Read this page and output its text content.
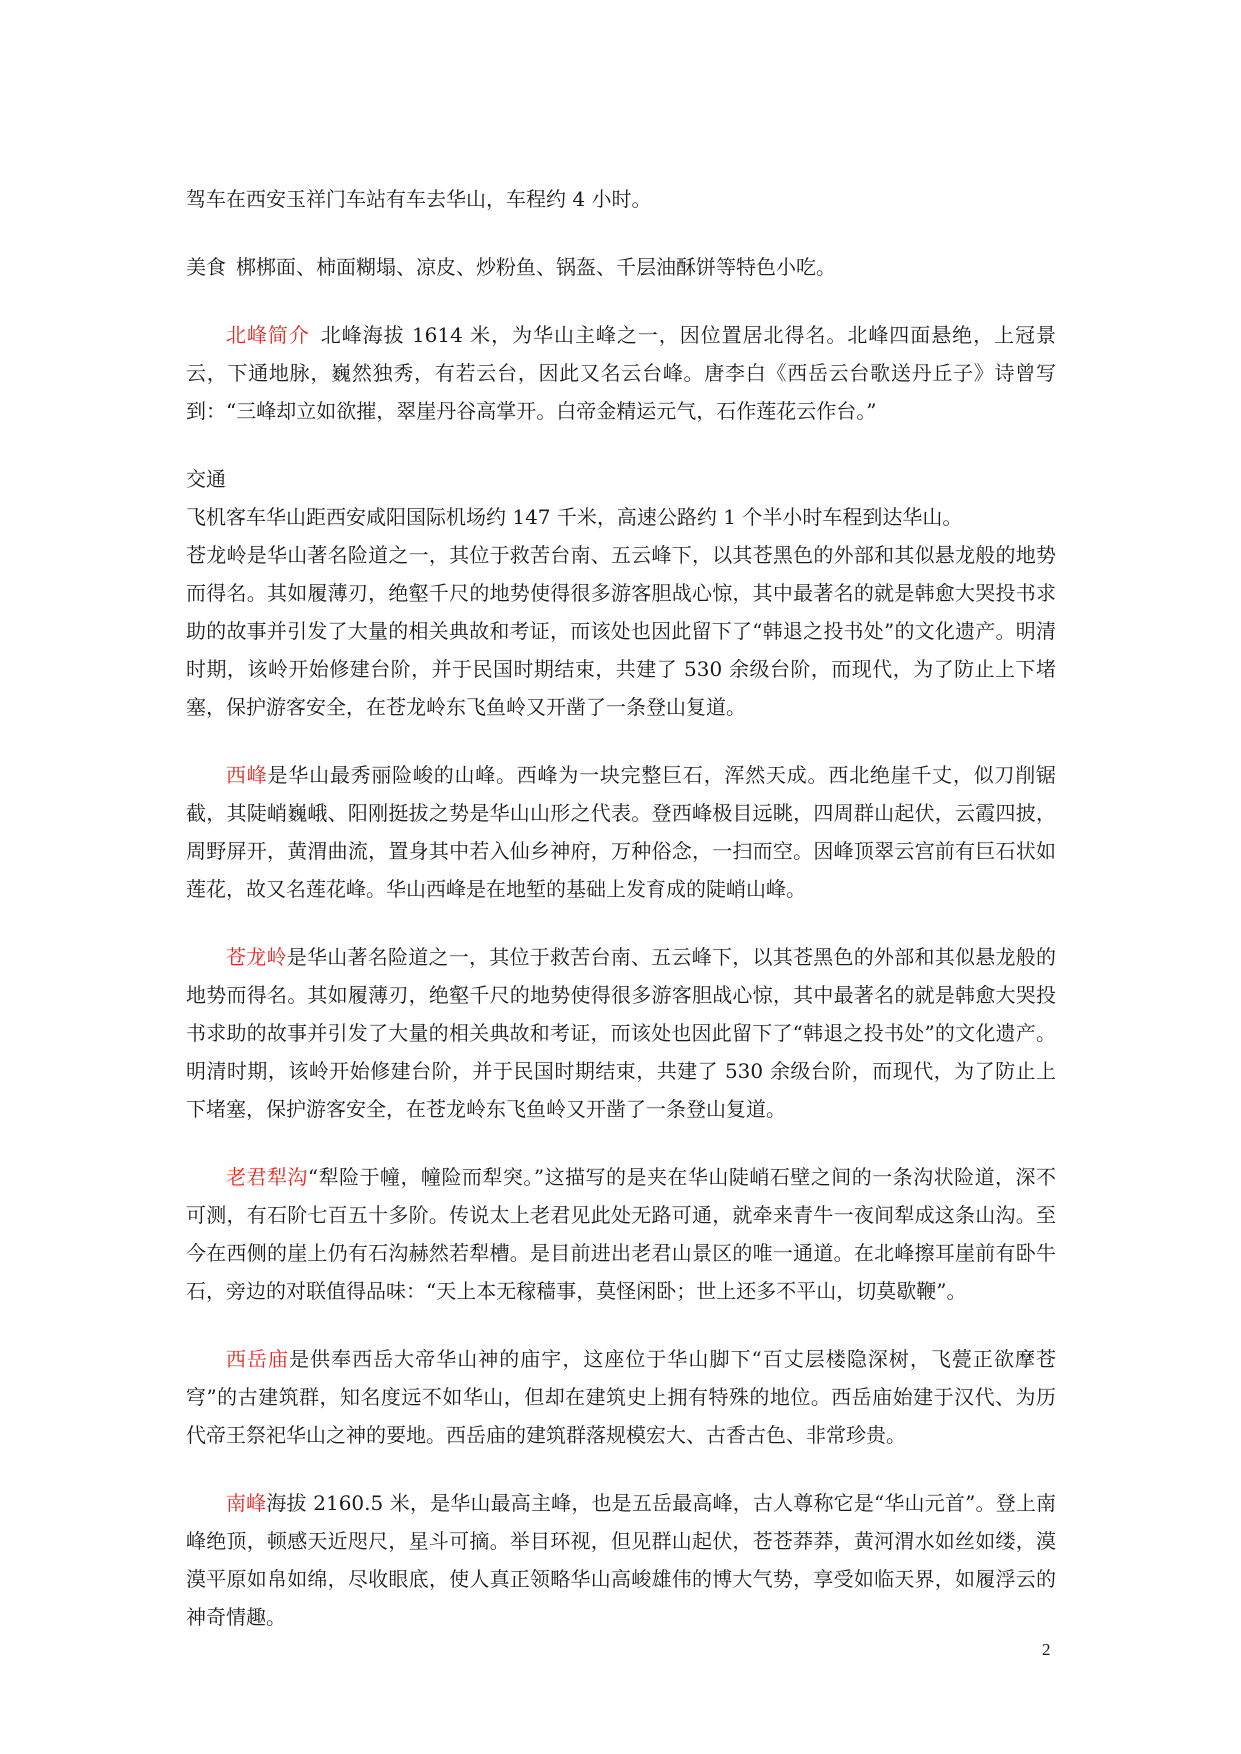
驾车在西安玉祥门车站有车去华山，车程约 4 小时。

美食 梆梆面、柿面糊塌、凉皮、炒粉鱼、锅盔、千层油酥饼等特色小吃。

北峰简介 北峰海拔 1614 米，为华山主峰之一，因位置居北得名。北峰四面悬绝，上冠景云，下通地脉，巍然独秀，有若云台，因此又名云台峰。唐李白《西岳云台歌送丹丘子》诗曾写到：“三峰却立如欲摧，翠崖丹谷高掌开。白帝金精运元气，石作莲花云作台。”

交通

飞机客车华山距西安咸阳国际机场约 147 千米，高速公路约 1 个半小时车程到达华山。

苍龙岭是华山著名险道之一，其位于救苦台南、五云峰下，以其苍黑色的外部和其似悬龙般的地势而得名。其如履薄刃，绝壑千尺的地势使得很多游客胆战心惊，其中最著名的就是韩愈大哭投书求助的故事并引发了大量的相关典故和考证，而该处也因此留下了“韩退之投书处”的文化遗产。明清时期，该岭开始修建台阶，并于民国时期结束，共建了 530 余级台阶，而现代，为了防止上下堵塞，保护游客安全，在苍龙岭东飞鱼岭又开凿了一条登山复道。

西峰是华山最秀丽险峻的山峰。西峰为一块完整巨石，浑然天成。西北绝崖千丈，似刀削锯截，其陡峭巍峨、阳刚挺拔之势是华山山形之代表。登西峰极目远眺，四周群山起伏，云霞四披，周野屏开，黄渭曲流，置身其中若入仙乡神府，万种俗念，一扫而空。因峰顶翠云宫前有巨石状如莲花，故又名莲花峰。华山西峰是在地堑的基础上发育成的陡峭山峰。

苍龙岭是华山著名险道之一，其位于救苦台南、五云峰下，以其苍黑色的外部和其似悬龙般的地势而得名。其如履薄刃，绝壑千尺的地势使得很多游客胆战心惊，其中最著名的就是韩愈大哭投书求助的故事并引发了大量的相关典故和考证，而该处也因此留下了“韩退之投书处”的文化遗产。明清时期，该岭开始修建台阶，并于民国时期结束，共建了 530 余级台阶，而现代，为了防止上下堵塞，保护游客安全，在苍龙岭东飞鱼岭又开凿了一条登山复道。

老君犁沟“犁险于幢，幢险而犁突。”这描写的是夹在华山陡峭石壁之间的一条沟状险道，深不可测，有石阶七百五十多阶。传说太上老君见此处无路可通，就牵来青牛一夜间犁成这条山沟。至今在西侧的崖上仍有石沟赫然若犁槽。是目前进出老君山景区的唯一通道。在北峰擦耳崖前有卧牛石，旁边的对联值得品味：“天上本无稼穑事，莫怪闲卧；世上还多不平山，切莫歇鞭”。

西岳庙是供奉西岳大帝华山神的庙宇，这座位于华山脚下“百丈层楼隐深树，飞甍正欲摩苍穹”的古建筑群，知名度远不如华山，但却在建筑史上拥有特殊的地位。西岳庙始建于汉代、为历代帝王祭祀华山之神的要地。西岳庙的建筑群落规模宏大、古香古色、非常珍贵。

南峰海拔 2160.5 米，是华山最高主峰，也是五岳最高峰，古人尊称它是“华山元首”。登上南峰绝顶，顿感天近咫尺，星斗可摘。举目环视，但见群山起伏，苍苍莽莽，黄河渭水如丝如缕，漠漠平原如帛如绵，尽收眼底，使人真正领略华山高峻雄伟的博大气势，享受如临天界，如履浮云的神奇情趣。

2
